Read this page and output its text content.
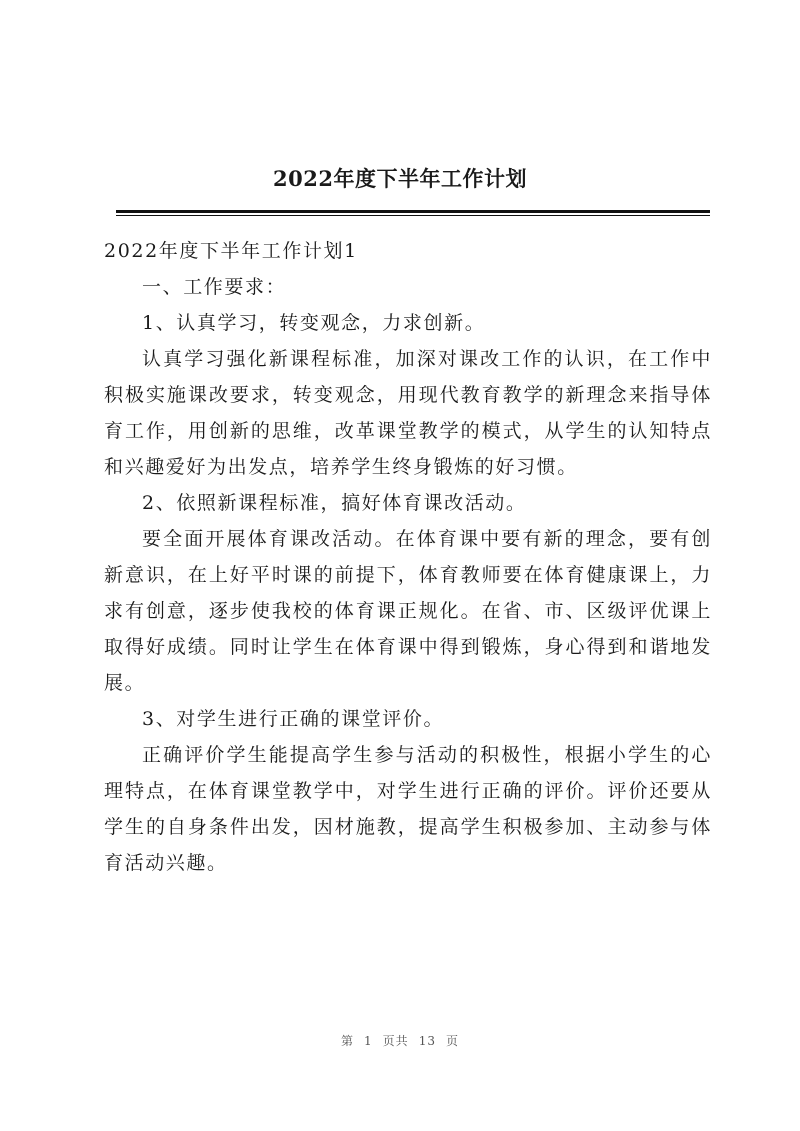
2022年度下半年工作计划

2022年度下半年工作计划1

一、工作要求：

1、认真学习，转变观念，力求创新。

认真学习强化新课程标准，加深对课改工作的认识，在工作中积极实施课改要求，转变观念，用现代教育教学的新理念来指导体育工作，用创新的思维，改革课堂教学的模式，从学生的认知特点和兴趣爱好为出发点，培养学生终身锻炼的好习惯。

2、依照新课程标准，搞好体育课改活动。

要全面开展体育课改活动。在体育课中要有新的理念，要有创新意识，在上好平时课的前提下，体育教师要在体育健康课上，力求有创意，逐步使我校的体育课正规化。在省、市、区级评优课上取得好成绩。同时让学生在体育课中得到锻炼，身心得到和谐地发展。

3、对学生进行正确的课堂评价。

正确评价学生能提高学生参与活动的积极性，根据小学生的心理特点，在体育课堂教学中，对学生进行正确的评价。评价还要从学生的自身条件出发，因材施教，提高学生积极参加、主动参与体育活动兴趣。

第 1 页共 13 页
